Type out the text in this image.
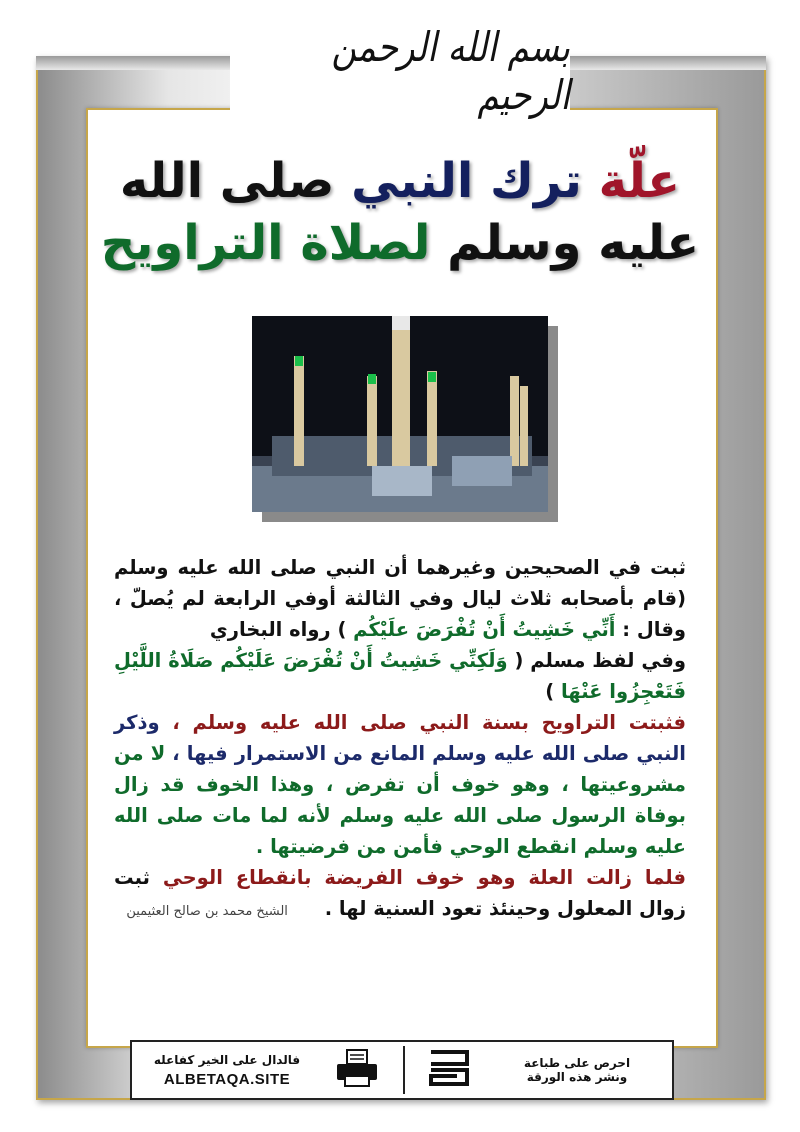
بسم الله الرحمن الرحيم
علّة ترك النبي صلى الله
عليه وسلم لصلاة التراويح

ثبت في الصحيحين وغيرهما أن النبي صلى الله عليه وسلم (قام بأصحابه ثلاث ليال وفي الثالثة أوفي الرابعة لم يُصلّ ، وقال : أَنِّي خَشِيتُ أَنْ تُفْرَضَ علَيْكُم ) رواه البخاري

وفي لفظ مسلم ( وَلَكِنِّي خَشِيتُ أَنْ تُفْرَضَ عَلَيْكُم صَلَاةُ اللَّيْلِ فَتَعْجِزُوا عَنْهَا )

فثبتت التراويح بسنة النبي صلى الله عليه وسلم ، وذكر النبي صلى الله عليه وسلم المانع من الاستمرار فيها ، لا من مشروعيتها ، وهو خوف أن تفرض ، وهذا الخوف قد زال بوفاة الرسول صلى الله عليه وسلم لأنه لما مات صلى الله عليه وسلم انقطع الوحي فأمن من فرضيتها .

فلما زالت العلة وهو خوف الفريضة بانقطاع الوحي ثبت زوال المعلول وحينئذ تعود السنية لها . الشيخ محمد بن صالح العثيمين

فالدال على الخير كفاعله
ALBETAQA.SITE
احرص على طباعة
ونشر هذه الورقة
